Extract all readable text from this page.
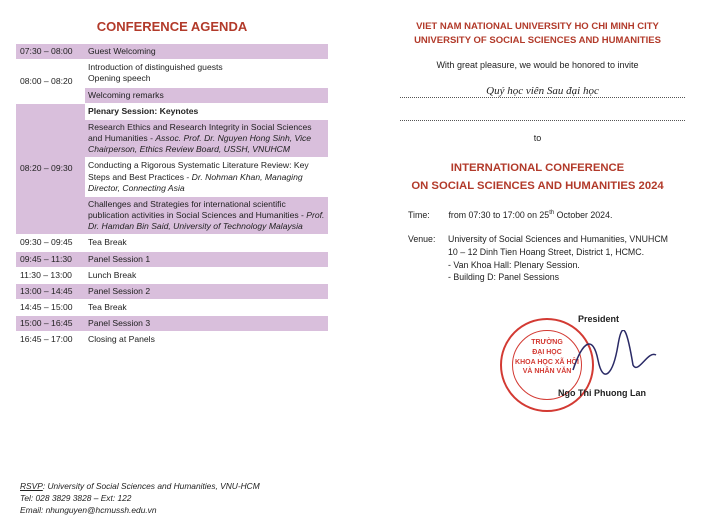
CONFERENCE AGENDA
07:30 – 08:00	Guest Welcoming
08:00 – 08:20	Introduction of distinguished guests
Opening speech

	Welcoming remarks
08:20 – 09:30	Plenary Session: Keynotes
	Research Ethics and Research Integrity in Social Sciences and Humanities - Assoc. Prof. Dr. Nguyen Hong Sinh, Vice Chairperson, Ethics Review Board, USSH, VNUHCM
	Conducting a Rigorous Systematic Literature Review: Key Steps and Best Practices - Dr. Nohman Khan, Managing Director, Connecting Asia
	Challenges and Strategies for international scientific publication activities in Social Sciences and Humanities - Prof. Dr. Hamdan Bin Said, University of Technology Malaysia
09:30 – 09:45	Tea Break
09:45 – 11:30	Panel Session 1
11:30 – 13:00	Lunch Break
13:00 – 14:45	Panel Session 2
14:45 – 15:00	Tea Break
15:00 – 16:45	Panel Session 3
16:45 – 17:00	Closing at Panels
RSVP: University of Social Sciences and Humanities, VNU-HCM
Tel: 028 3829 3828 – Ext: 122
Email: nhunguyen@hcmussh.edu.vn
VIET NAM NATIONAL UNIVERSITY HO CHI MINH CITY
UNIVERSITY OF SOCIAL SCIENCES AND HUMANITIES
With great pleasure, we would be honored to invite
Quý học viên Sau đại học
to
INTERNATIONAL CONFERENCE
ON SOCIAL SCIENCES AND HUMANITIES 2024
Time: from 07:30 to 17:00 on 25th October 2024.
Venue: University of Social Sciences and Humanities, VNUHCM
10 – 12 Dinh Tien Hoang Street, District 1, HCMC.
- Van Khoa Hall: Plenary Session.
- Building D: Panel Sessions
President
TRƯỜNG
ĐẠI HỌC
KHOA HỌC XÃ HỘI
VÀ NHÂN VĂN
Ngo Thi Phuong Lan
